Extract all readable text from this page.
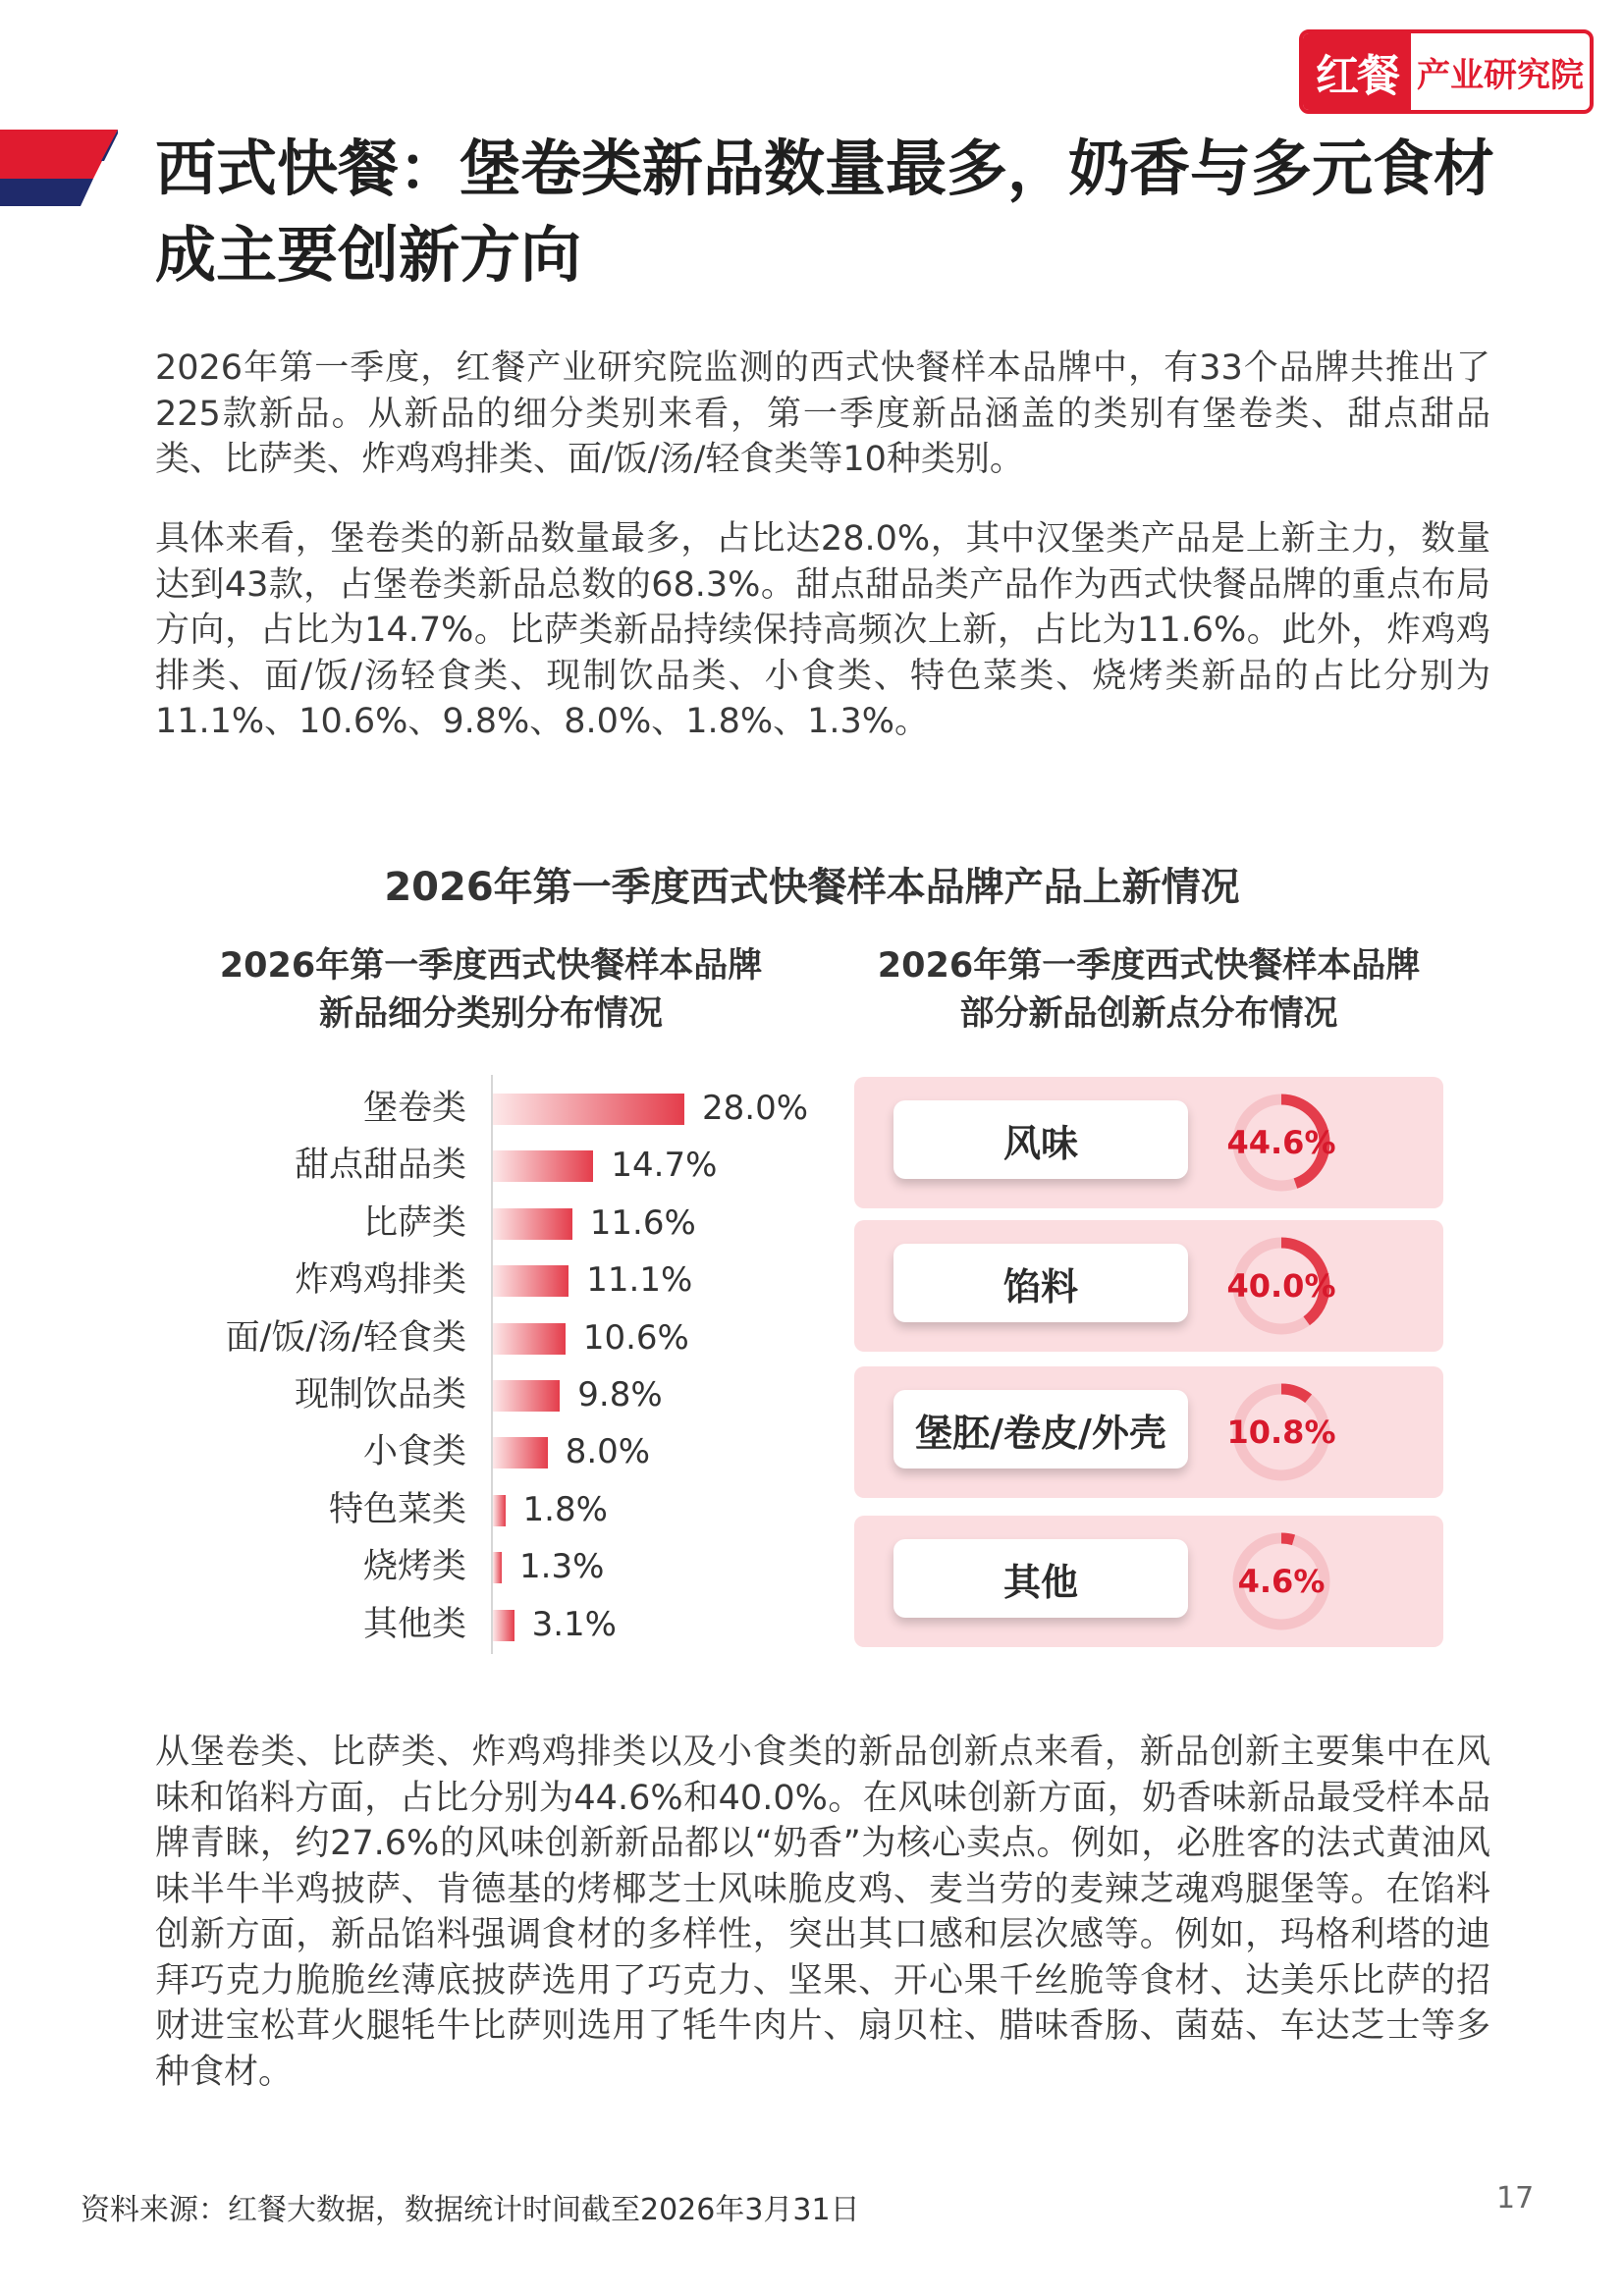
红餐 产业研究院
西式快餐：堡卷类新品数量最多，奶香与多元食材成主要创新方向

2026年第一季度，红餐产业研究院监测的西式快餐样本品牌中，有33个品牌共推出了225款新品。从新品的细分类别来看，第一季度新品涵盖的类别有堡卷类、甜点甜品类、比萨类、炸鸡鸡排类、面/饭/汤/轻食类等10种类别。

具体来看，堡卷类的新品数量最多，占比达28.0%，其中汉堡类产品是上新主力，数量达到43款，占堡卷类新品总数的68.3%。甜点甜品类产品作为西式快餐品牌的重点布局方向，占比为14.7%。比萨类新品持续保持高频次上新，占比为11.6%。此外，炸鸡鸡排类、面/饭/汤轻食类、现制饮品类、小食类、特色菜类、烧烤类新品的占比分别为11.1%、10.6%、9.8%、8.0%、1.8%、1.3%。

2026年第一季度西式快餐样本品牌产品上新情况
2026年第一季度西式快餐样本品牌
新品细分类别分布情况
2026年第一季度西式快餐样本品牌
部分新品创新点分布情况
堡卷类	28.0%
甜点甜品类	14.7%
比萨类	11.6%
炸鸡鸡排类	11.1%
面/饭/汤/轻食类	10.6%
现制饮品类	9.8%
小食类	8.0%
特色菜类 1.8%
烧烤类 1.3%
其他类 3.1%
风味	44.6%
馅料	40.0%
堡胚/卷皮/外壳	10.8%
其他	4.6%

从堡卷类、比萨类、炸鸡鸡排类以及小食类的新品创新点来看，新品创新主要集中在风味和馅料方面，占比分别为44.6%和40.0%。在风味创新方面，奶香味新品最受样本品牌青睐，约27.6%的风味创新新品都以“奶香”为核心卖点。例如，必胜客的法式黄油风味半牛半鸡披萨、肯德基的烤椰芝士风味脆皮鸡、麦当劳的麦辣芝魂鸡腿堡等。在馅料创新方面，新品馅料强调食材的多样性，突出其口感和层次感等。例如，玛格利塔的迪拜巧克力脆脆丝薄底披萨选用了巧克力、坚果、开心果千丝脆等食材、达美乐比萨的招财进宝松茸火腿牦牛比萨则选用了牦牛肉片、扇贝柱、腊味香肠、菌菇、车达芝士等多种食材。

资料来源：红餐大数据，数据统计时间截至2026年3月31日	17
